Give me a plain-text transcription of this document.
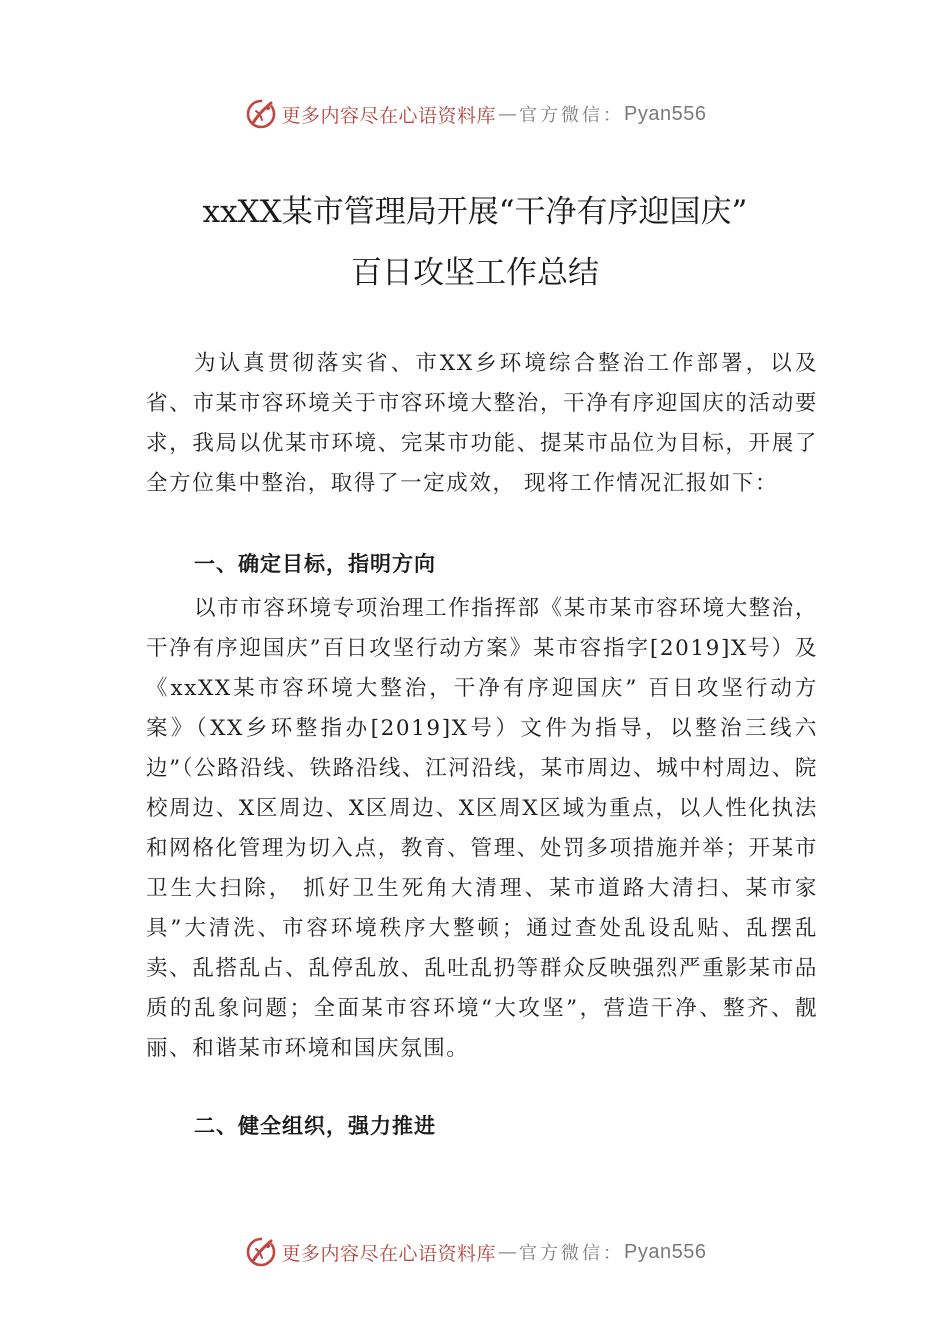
更多内容尽在心语资料库 — 官方微信： Pyan556
xxXX某市管理局开展“干净有序迎国庆”
百日攻坚工作总结
为认真贯彻落实省、市XX乡环境综合整治工作部署，以及省、市某市容环境关于市容环境大整治，干净有序迎国庆的活动要求，我局以优某市环境、完某市功能、提某市品位为目标，开展了全方位集中整治，取得了一定成效， 现将工作情况汇报如下：
一、确定目标，指明方向
以市市容环境专项治理工作指挥部《某市某市容环境大整治，干净有序迎国庆”百日攻坚行动方案》某市容指字[2019]X号）及《xxXX某市容环境大整治，干净有序迎国庆” 百日攻坚行动方案》（XX乡环整指办[2019]X号）文件为指导，以整治三线六边”（公路沿线、铁路沿线、江河沿线，某市周边、城中村周边、院校周边、X区周边、X区周边、X区周X区域为重点，以人性化执法和网格化管理为切入点，教育、管理、处罚多项措施并举；开某市卫生大扫除， 抓好卫生死角大清理、某市道路大清扫、某市家具”大清洗、市容环境秩序大整顿；通过查处乱设乱贴、乱摆乱卖、乱搭乱占、乱停乱放、乱吐乱扔等群众反映强烈严重影某市品质的乱象问题；全面某市容环境“大攻坚”，营造干净、整齐、靓丽、和谐某市环境和国庆氛围。
二、健全组织，强力推进
更多内容尽在心语资料库 — 官方微信： Pyan556
